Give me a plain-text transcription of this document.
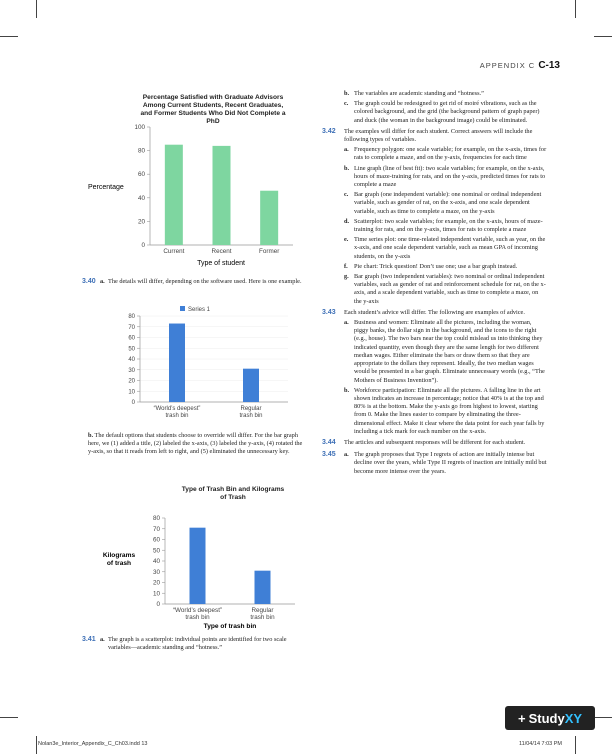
APPENDIX C C-13
Percentage Satisfied with Graduate Advisors Among Current Students, Recent Graduates, and Former Students Who Did Not Complete a PhD
Percentage
Type of student
0
20
40
60
80
100
Current	Recent	Former
3.40 a. The details will differ, depending on the software used. Here is one example.
Series 1
0
10
20
30
40
50
60
70
80
“World’s deepest”
trash bin
Regular
trash bin
b. The default options that students choose to override will differ. For the bar graph here, we (1) added a title, (2) labeled the x-axis, (3) labeled the y-axis, (4) rotated the y-axis, so that it reads from left to right, and (5) eliminated the unnecessary key.
Type of Trash Bin and Kilograms of Trash
Kilograms
of trash
Type of trash bin
0
10
20
30
40
50
60
70
80
“World’s deepest”
trash bin
Regular
trash bin
3.41 a. The graph is a scatterplot: individual points are identified for two scale variables—academic standing and “hotness.”
b. The variables are academic standing and “hotness.”
c. The graph could be redesigned to get rid of moiré vibrations, such as the colored background, and the grid (the background pattern of graph paper) and duck (the woman in the background image) could be eliminated.
3.42 The examples will differ for each student. Correct answers will include the following types of variables.
a. Frequency polygon: one scale variable; for example, on the x-axis, times for rats to complete a maze, and on the y-axis, frequencies for each time
b. Line graph (line of best fit): two scale variables; for example, on the x-axis, hours of maze-training for rats, and on the y-axis, predicted times for rats to complete a maze
c. Bar graph (one independent variable): one nominal or ordinal independent variable, such as gender of rat, on the x-axis, and one scale dependent variable, such as time to complete a maze, on the y-axis
d. Scatterplot: two scale variables; for example, on the x-axis, hours of maze-training for rats, and on the y-axis, times for rats to complete a maze
e. Time series plot: one time-related independent variable, such as year, on the x-axis, and one scale dependent variable, such as mean GPA of incoming students, on the y-axis
f. Pie chart: Trick question! Don’t use one; use a bar graph instead.
g. Bar graph (two independent variables): two nominal or ordinal independent variables, such as gender of rat and reinforcement schedule for rat, on the x-axis, and a scale dependent variable, such as time to complete a maze, on the y-axis
3.43 Each student’s advice will differ. The following are examples of advice.
a. Business and women: Eliminate all the pictures, including the woman, piggy banks, the dollar sign in the background, and the icons to the right (e.g., house). The two bars near the top could mislead us into thinking they indicated quantity, even though they are the same length for two different median wages. Either eliminate the bars or draw them so that they are appropriate to the dollars they represent. Ideally, the two median wages would be presented in a bar graph. Eliminate unnecessary words (e.g., “The Mothers of Business Invention”).
b. Workforce participation: Eliminate all the pictures. A falling line in the art shown indicates an increase in percentage; notice that 40% is at the top and 80% is at the bottom. Make the y-axis go from highest to lowest, starting from 0. Make the lines easier to compare by eliminating the three-dimensional effect. Make it clear where the data point for each year falls by including a tick mark for each number on the x-axis.
3.44 The articles and subsequent responses will be different for each student.
3.45 a. The graph proposes that Type I regrets of action are initially intense but decline over the years, while Type II regrets of inaction are initially mild but become more intense over the years.
+ Study XY
Nolan3e_Interior_Appendix_C_Ch03.indd 13	11/04/14 7:03 PM
